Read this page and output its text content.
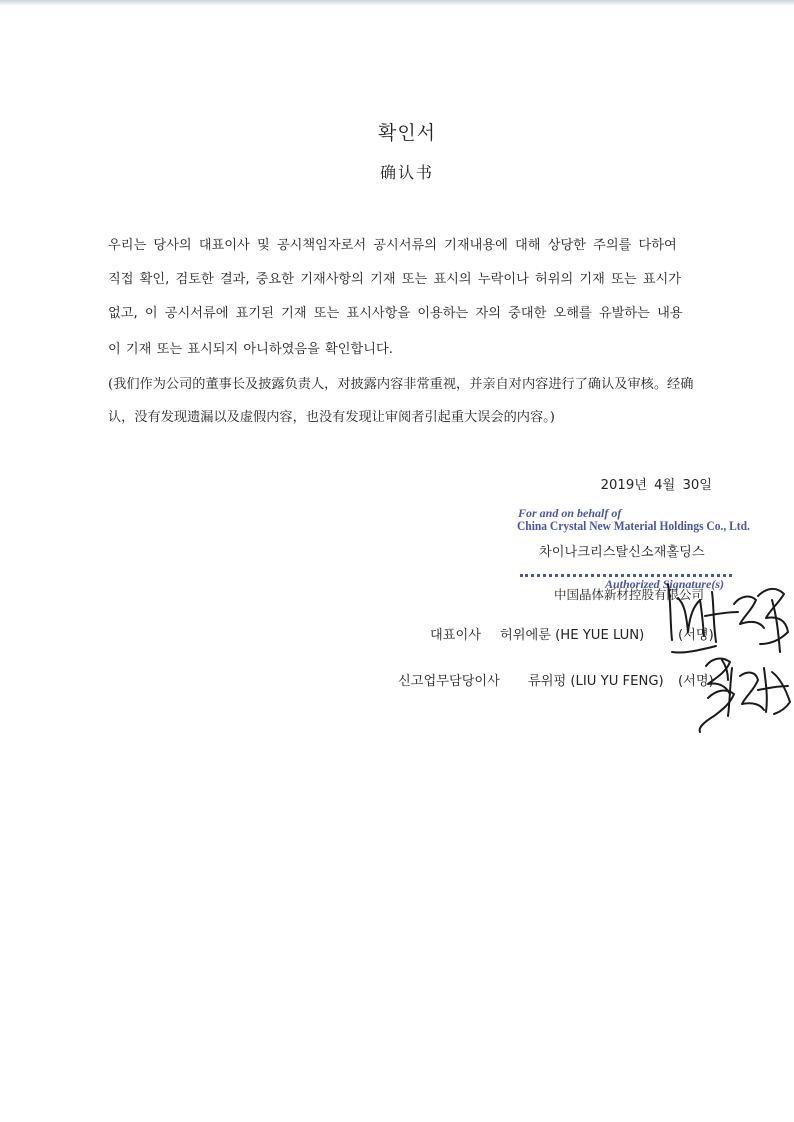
확인서
确认书
우리는 당사의 대표이사 및 공시책임자로서 공시서류의 기재내용에 대해 상당한 주의를 다하여
직접 확인, 검토한 결과, 중요한 기재사항의 기재 또는 표시의 누락이나 허위의 기재 또는 표시가
없고, 이 공시서류에 표기된 기재 또는 표시사항을 이용하는 자의 중대한 오해를 유발하는 내용
이 기재 또는 표시되지 아니하였음을 확인합니다.
(我们作为公司的董事长及披露负责人，对披露内容非常重视，并亲自对内容进行了确认及审核。经确
认，没有发现遗漏以及虚假内容，也没有发现让审阅者引起重大误会的内容。)
2019년 4월 30일
For and on behalf of
China Crystal New Material Holdings Co., Ltd.
차이나크리스탈신소재홀딩스
Authorized Signature(s)
中国晶体新材控股有限公司
대표이사 허위에룬 (HE YUE LUN)	(서명)
신고업무담당이사 류위펑 (LIU YU FENG) (서명)
